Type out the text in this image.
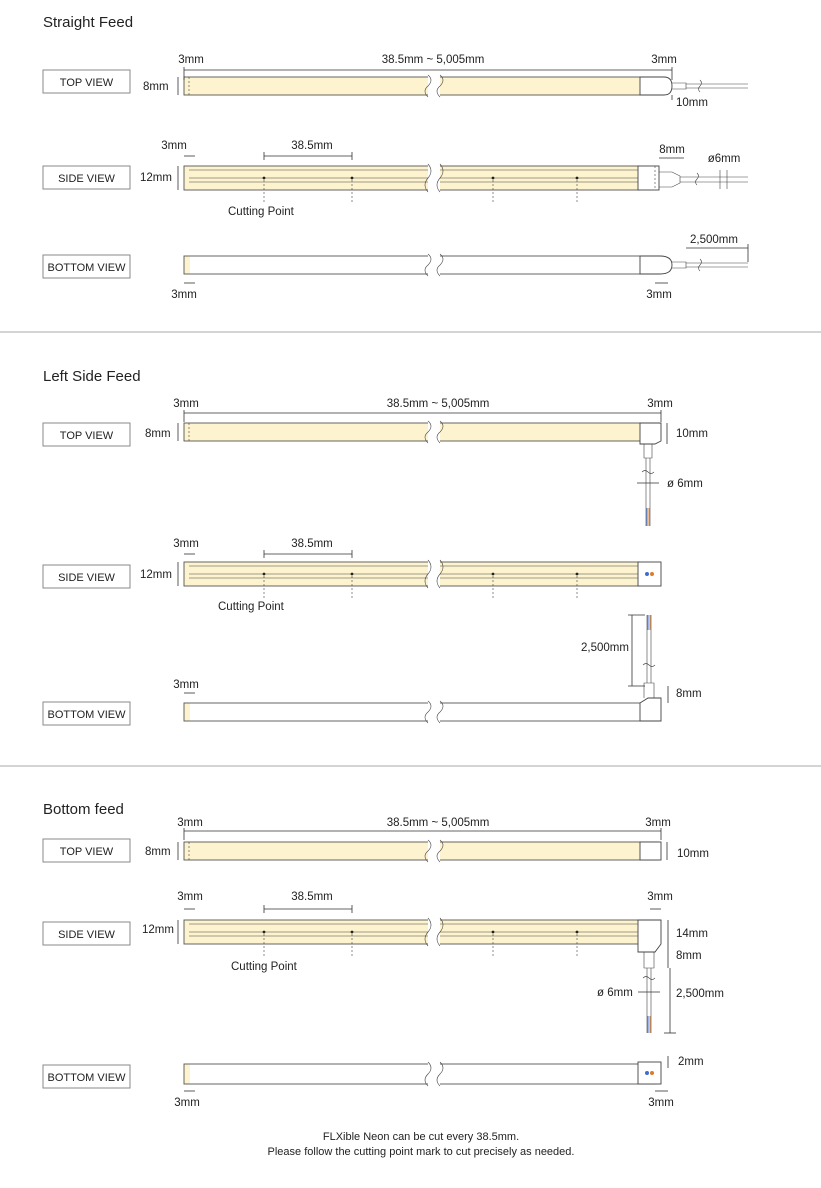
Straight Feed
TOP VIEW
3mm	38.5mm ~ 5,005mm	3mm
8mm
10mm
SIDE VIEW
Cutting Point
3mm	38.5mm	8mm
ø6mm
12mm
BOTTOM VIEW
2,500mm
3mm	3mm
Left Side Feed
TOP VIEW
3mm	38.5mm ~ 5,005mm	3mm
8mm	10mm
ø 6mm
SIDE VIEW
Cutting Point
3mm	38.5mm
12mm
BOTTOM VIEW
2,500mm
8mm
3mm
Bottom feed
TOP VIEW
3mm	38.5mm ~ 5,005mm	3mm
8mm	10mm
SIDE VIEW
Cutting Point
3mm	38.5mm	3mm
12mm	14mm
8mm
2,500mm
ø 6mm
BOTTOM VIEW
2mm
3mm	3mm
FLXible Neon can be cut every 38.5mm.
Please follow the cutting point mark to cut precisely as needed.
